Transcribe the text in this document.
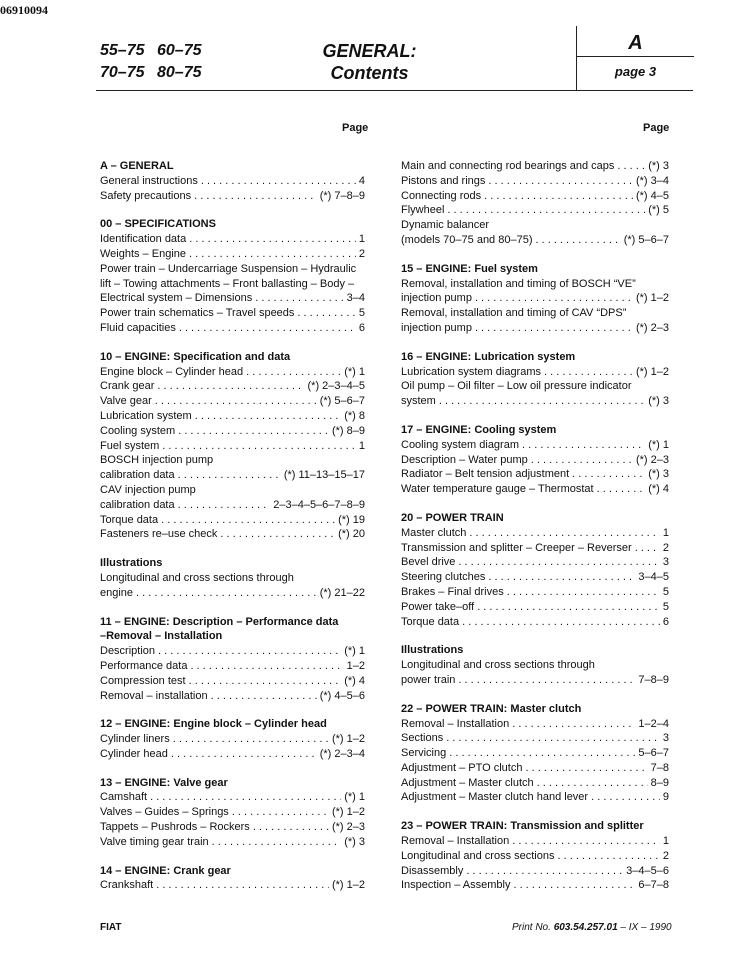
06910094
55–75 60–75
70–75 80–75
GENERAL:
Contents
A
page 3
Page	Page
A – GENERAL
General instructions . . .	4
Safety precautions . . .	(*) 7–8–9
00 – SPECIFICATIONS
Identification data . . .	1
Weights – Engine . . .	2
Power train – Undercarriage Suspension – Hydraulic
lift – Towing attachments – Front ballasting – Body –
Electrical system – Dimensions . . .	3–4
Power train schematics – Travel speeds . . .	5
Fluid capacities . . .	6
10 – ENGINE: Specification and data
Engine block – Cylinder head . . .	(*) 1
Crank gear . . .	(*) 2–3–4–5
Valve gear . . .	(*) 5–6–7
Lubrication system . . .	(*) 8
Cooling system . . .	(*) 8–9
Fuel system . . .	1
BOSCH injection pump
calibration data . . .	(*) 11–13–15–17
CAV injection pump
calibration data . . .	2–3–4–5–6–7–8–9
Torque data . . .	(*) 19
Fasteners re–use check . . .	(*) 20
Illustrations
Longitudinal and cross sections through
engine . . .	(*) 21–22
11 – ENGINE: Description – Performance data
–Removal – Installation
Description . . .	(*) 1
Performance data . . .	1–2
Compression test . . .	(*) 4
Removal – installation . . .	(*) 4–5–6
12 – ENGINE: Engine block – Cylinder head
Cylinder liners . . .	(*) 1–2
Cylinder head . . .	(*) 2–3–4
13 – ENGINE: Valve gear
Camshaft . . .	(*) 1
Valves – Guides – Springs . . .	(*) 1–2
Tappets – Pushrods – Rockers . . .	(*) 2–3
Valve timing gear train . . .	(*) 3
14 – ENGINE: Crank gear
Crankshaft . . .	(*) 1–2
Main and connecting rod bearings and caps . . .	(*) 3
Pistons and rings . . .	(*) 3–4
Connecting rods . . .	(*) 4–5
Flywheel . . .	(*) 5
Dynamic balancer
(models 70–75 and 80–75) . . .	(*) 5–6–7
15 – ENGINE: Fuel system
Removal, installation and timing of BOSCH “VE”
injection pump . . .	(*) 1–2
Removal, installation and timing of CAV “DPS”
injection pump . . .	(*) 2–3
16 – ENGINE: Lubrication system
Lubrication system diagrams . . .	(*) 1–2
Oil pump – Oil filter – Low oil pressure indicator
system . . .	(*) 3
17 – ENGINE: Cooling system
Cooling system diagram . . .	(*) 1
Description – Water pump . . .	(*) 2–3
Radiator – Belt tension adjustment . . .	(*) 3
Water temperature gauge – Thermostat . . .	(*) 4
20 – POWER TRAIN
Master clutch . . .	1
Transmission and splitter – Creeper – Reverser . . .	2
Bevel drive . . .	3
Steering clutches . . .	3–4–5
Brakes – Final drives . . .	5
Power take–off . . .	5
Torque data . . .	6
Illustrations
Longitudinal and cross sections through
power train . . .	7–8–9
22 – POWER TRAIN: Master clutch
Removal – Installation . . .	1–2–4
Sections . . .	3
Servicing . . .	5–6–7
Adjustment – PTO clutch . . .	7–8
Adjustment – Master clutch . . .	8–9
Adjustment – Master clutch hand lever . . .	9
23 – POWER TRAIN: Transmission and splitter
Removal – Installation . . .	1
Longitudinal and cross sections . . .	2
Disassembly . . .	3–4–5–6
Inspection – Assembly . . .	6–7–8
FIAT	Print No. 603.54.257.01 – IX – 1990
